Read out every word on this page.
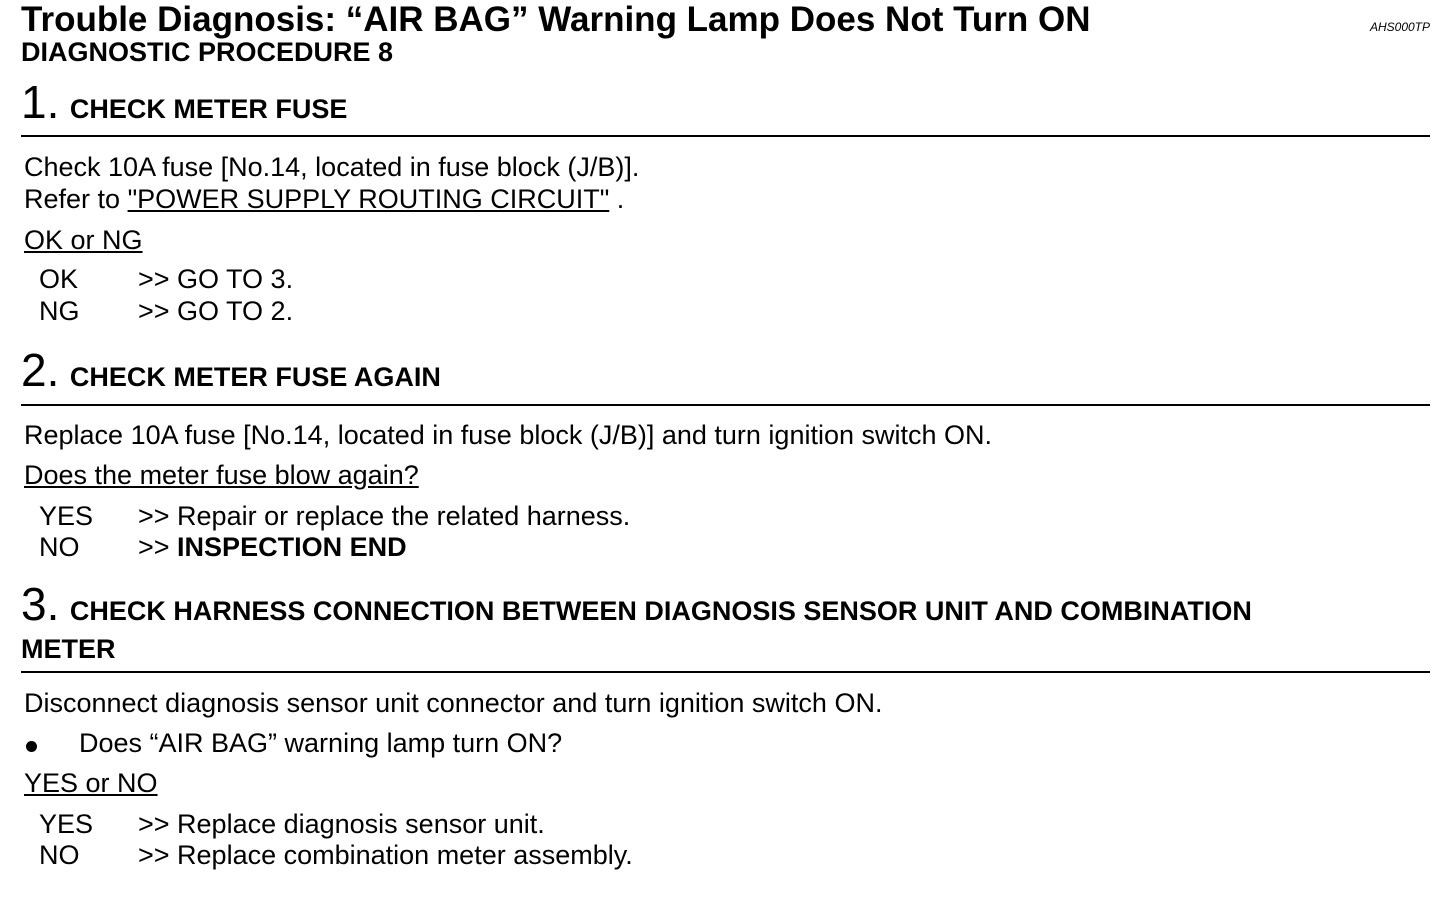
Trouble Diagnosis: “AIR BAG” Warning Lamp Does Not Turn ON	AHS000TP
DIAGNOSTIC PROCEDURE 8
1. CHECK METER FUSE
Check 10A fuse [No.14, located in fuse block (J/B)].
Refer to "POWER SUPPLY ROUTING CIRCUIT" .
OK or NG
OK >> GO TO 3.
NG >> GO TO 2.
2. CHECK METER FUSE AGAIN
Replace 10A fuse [No.14, located in fuse block (J/B)] and turn ignition switch ON.
Does the meter fuse blow again?
YES >> Repair or replace the related harness.
NO >> INSPECTION END
3. CHECK HARNESS CONNECTION BETWEEN DIAGNOSIS SENSOR UNIT AND COMBINATION
METER
Disconnect diagnosis sensor unit connector and turn ignition switch ON.
Does “AIR BAG” warning lamp turn ON?
YES or NO
YES >> Replace diagnosis sensor unit.
NO >> Replace combination meter assembly.
